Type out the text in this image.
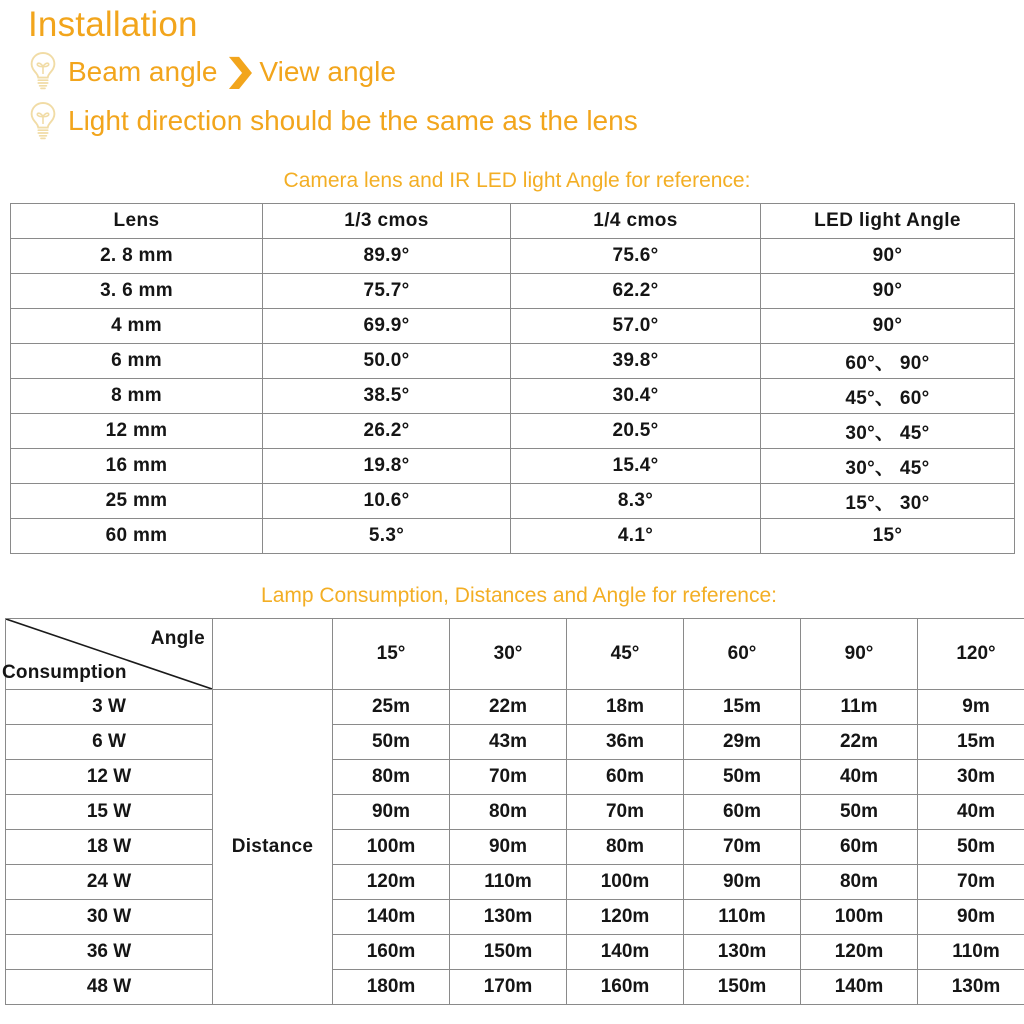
Installation
Beam angle ❯View angle
Light direction should be the same as the lens
Camera lens and IR LED light Angle for reference:
Lens	1/3 cmos	1/4 cmos	LED light Angle
2. 8 mm	89.9°	75.6°	90°
3. 6 mm	75.7°	62.2°	90°
4 mm	69.9°	57.0°	90°
6 mm	50.0°	39.8°	60°、 90°
8 mm	38.5°	30.4°	45°、 60°
12 mm	26.2°	20.5°	30°、 45°
16 mm	19.8°	15.4°	30°、 45°
25 mm	10.6°	8.3°	15°、 30°
60 mm	5.3°	4.1°	15°
Lamp Consumption, Distances and Angle for reference:
Angle
Consumption		15°	30°	45°	60°	90°	120°
3 W	Distance	25m	22m	18m	15m	11m	9m
6 W		50m	43m	36m	29m	22m	15m
12 W		80m	70m	60m	50m	40m	30m
15 W		90m	80m	70m	60m	50m	40m
18 W		100m	90m	80m	70m	60m	50m
24 W		120m	110m	100m	90m	80m	70m
30 W		140m	130m	120m	110m	100m	90m
36 W		160m	150m	140m	130m	120m	110m
48 W		180m	170m	160m	150m	140m	130m
